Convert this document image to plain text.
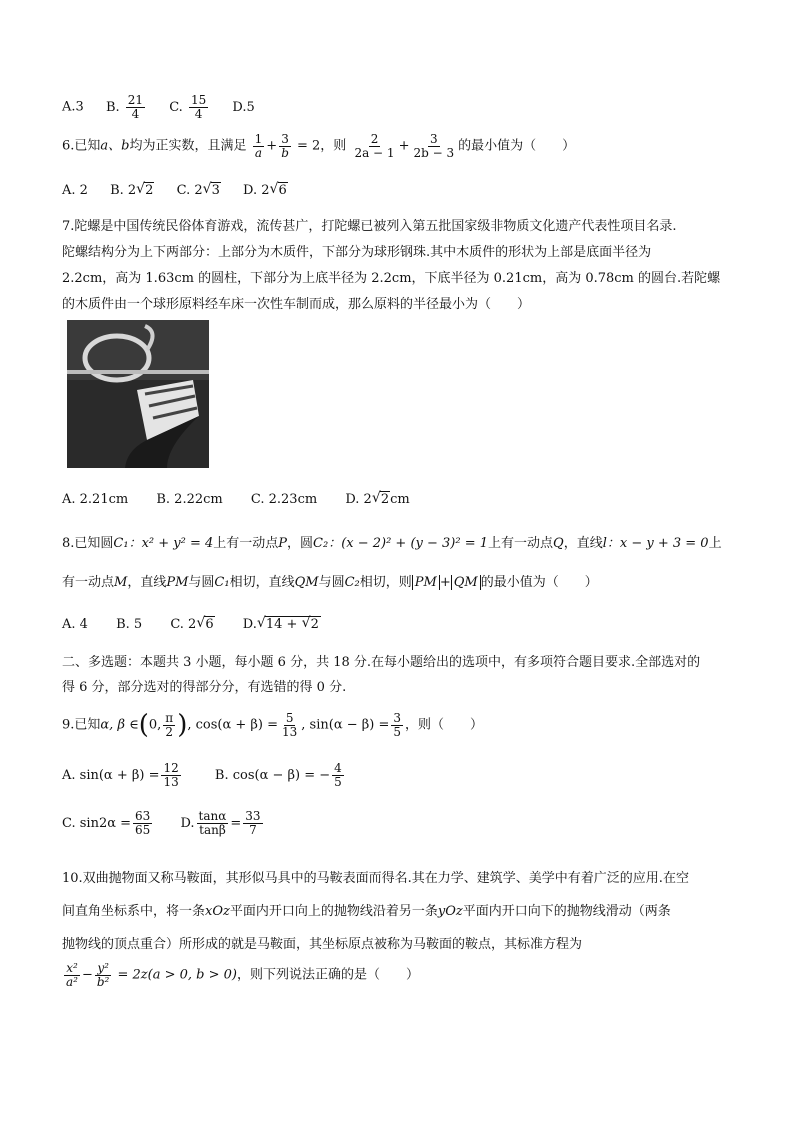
A.3 B. $\frac{21}{4} C$. $\frac{15}{4} D.5$
6.已知a、b均为正实数，且满足 $\frac{1}{a} + \frac{3}{b} = 2$，则 $\frac{2}{2a - 1} + \frac{3}{2b - 3}$ 的最小值为（　　）
A. 2 B. 2 √ 2 C. 2 √ 3 D. 2 √ 6
7.陀螺是中国传统民俗体育游戏，流传甚广，打陀螺已被列入第五批国家级非物质文化遗产代表性项目名录.
陀螺结构分为上下两部分：上部分为木质件，下部分为球形钢珠.其中木质件的形状为上部是底面半径为
2.2cm，高为 1.63cm 的圆柱，下部分为上底半径为 2.2cm，下底半径为 0.21cm，高为 0.78cm 的圆台.若陀螺
的木质件由一个球形原料经车床一次性车制而成，那么原料的半径最小为（　　）
A. 2.21cm B. 2.22cm C. 2.23cm D. 2 √ 2cm
8.已知圆C₁：x² + y² = 4上有一动点P，圆C₂：(x − 2)² + (y − 3)² = 1上有一动点Q，直线l：x − y + 3 = 0上
有一动点M，直线PM与圆C₁相切，直线QM与圆C₂相切，则 PM + QM 的最小值为（　　）
A. 4 B. 5 C. 2 √ 6 D. √ 14 + √ 2
二、多选题：本题共 3 小题，每小题 6 分，共 18 分.在每小题给出的选项中，有多项符合题目要求.全部选对的
得 6 分，部分选对的得部分分，有选错的得 0 分.
9.已知α, β ∈(0, $\frac{\pi}{2}$ ), $\cos(\alpha + \beta) = \frac{5}{13}$ , $\sin(\alpha - \beta) = \frac{3}{5}$ ，则（　　）
A. $\sin(\alpha + \beta) = \frac{12}{13}$	B. cos(α − β) = − $\frac{4}{5}$
C. $\sin 2\alpha = \frac{63}{65} D$. $\frac{\tan\alpha}{\tan\beta} = \frac{33}{7}$
10.双曲抛物面又称马鞍面，其形似马具中的马鞍表面而得名.其在力学、建筑学、美学中有着广泛的应用.在空
间直角坐标系中，将一条xOz平面内开口向上的抛物线沿着另一条yOz平面内开口向下的抛物线滑动（两条
抛物线的顶点重合）所形成的就是马鞍面，其坐标原点被称为马鞍面的鞍点，其标准方程为
$\frac{\text{x²}}{\text{a²}} - \frac{\text{y²}}{\text{b²}} = 2z(a > 0$, b > 0)，则下列说法正确的是（　　）
